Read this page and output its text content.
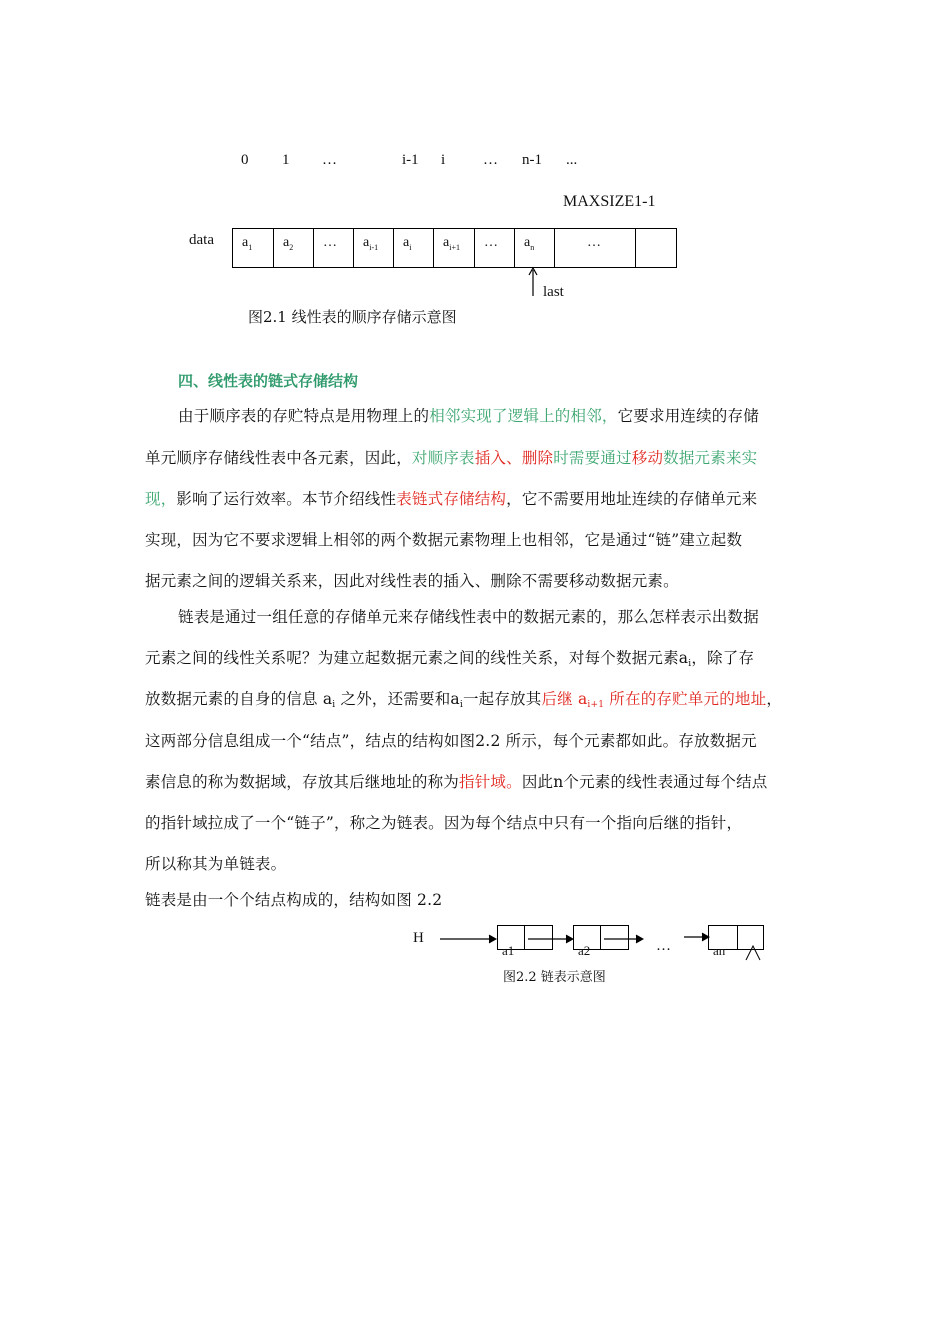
0 1 …	i-1 i	… n-1 ...
MAXSIZE1-1
data $a_1$ $a_2$ … $a_{i-1}$ $a_i$ $a_{i+1}$ … $a_n$	…
last
图2.1 线性表的顺序存储示意图
四、线性表的链式存储结构
由于顺序表的存贮特点是用物理上的相邻实现了逻辑上的相邻，它要求用连续的存储
单元顺序存储线性表中各元素，因此，对顺序表插入、删除时需要通过移动数据元素来实
现，影响了运行效率。本节介绍线性表链式存储结构，它不需要用地址连续的存储单元来
实现，因为它不要求逻辑上相邻的两个数据元素物理上也相邻，它是通过“链”建立起数
据元素之间的逻辑关系来，因此对线性表的插入、删除不需要移动数据元素。
链表是通过一组任意的存储单元来存储线性表中的数据元素的，那么怎样表示出数据
元素之间的线性关系呢？为建立起数据元素之间的线性关系，对每个数据元素$a_i$，除了存
放数据元素的自身的信息 $a_i$ 之外，还需要和$a_i$一起存放其后继 $a_{i+1}$ 所在的存贮单元的地址，
这两部分信息组成一个“结点”，结点的结构如图2.2 所示，每个元素都如此。存放数据元
素信息的称为数据域，存放其后继地址的称为指针域。因此n个元素的线性表通过每个结点
的指针域拉成了一个“链子”，称之为链表。因为每个结点中只有一个指向后继的指针，
所以称其为单链表。
链表是由一个个结点构成的，结构如图 2.2
H
a1	a2	…	an
图2.2 链表示意图
